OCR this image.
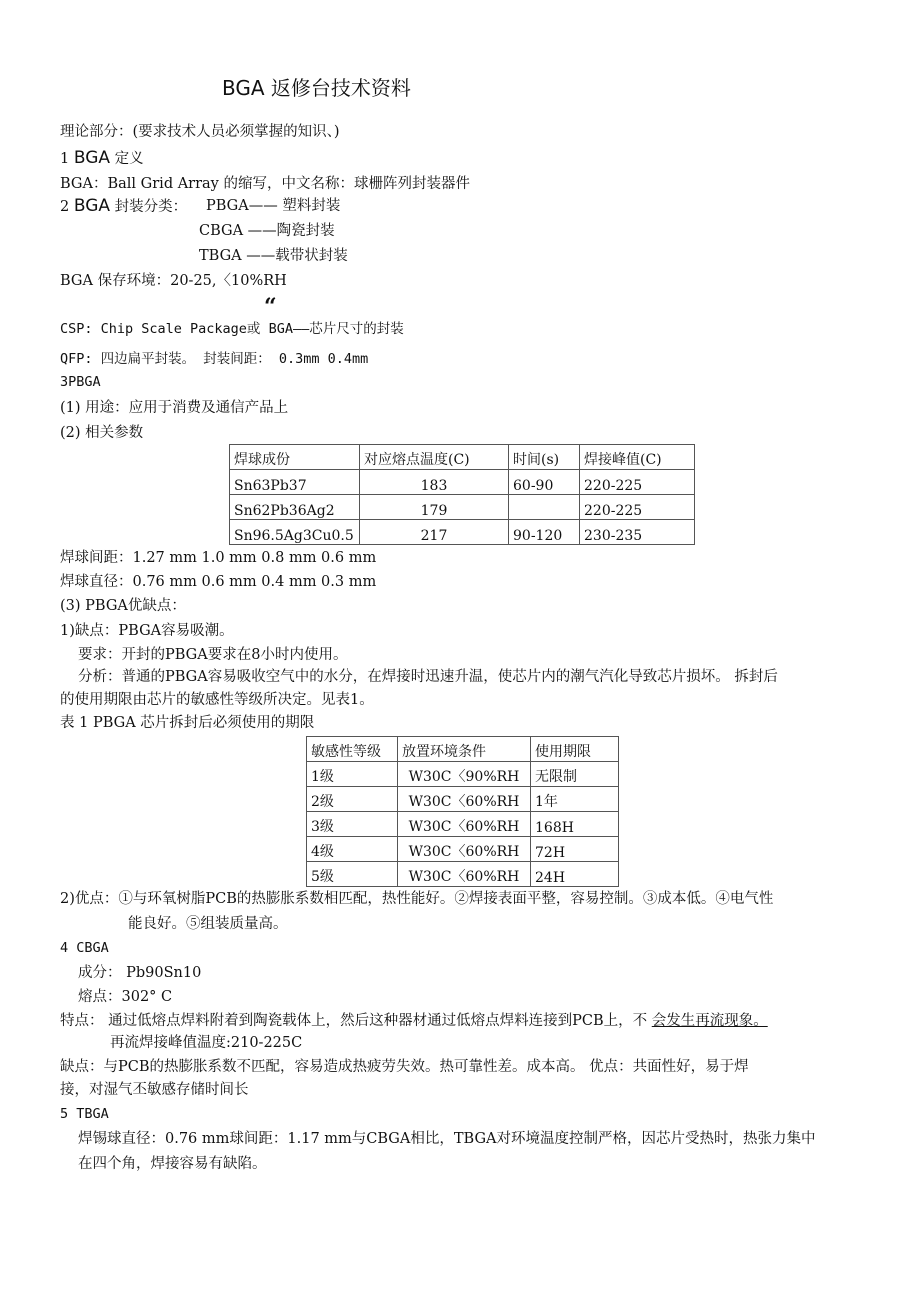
BGA 返修台技术资料
理论部分：(要求技术人员必须掌握的知识、)
1 BGA 定义
BGA：Ball Grid Array 的缩写，中文名称：球栅阵列封装器件
2 BGA 封装分类： PBGA—— 塑料封装
CBGA ——陶瓷封装
TBGA ——载带状封装
BGA 保存环境：20-25,〈10%RH
“
CSP: Chip Scale Package或 BGA——芯片尺寸的封装
QFP: 四边扁平封装。 封装间距： 0.3mm 0.4mm
3PBGA
(1) 用途：应用于消费及通信产品上
(2) 相关参数
焊球成份	对应熔点温度(C)	时间(s)	焊接峰值(C)
Sn63Pb37	183	60-90	220-225
Sn62Pb36Ag2	179		220-225
Sn96.5Ag3Cu0.5	217	90-120	230-235
焊球间距：1.27 mm 1.0 mm 0.8 mm 0.6 mm
焊球直径：0.76 mm 0.6 mm 0.4 mm 0.3 mm
(3) PBGA优缺点：
1)缺点：PBGA容易吸潮。
要求：开封的PBGA要求在8小时内使用。
分析：普通的PBGA容易吸收空气中的水分，在焊接时迅速升温，使芯片内的潮气汽化导致芯片损坏。 拆封后
的使用期限由芯片的敏感性等级所决定。见表1。
表 1 PBGA 芯片拆封后必须使用的期限
敏感性等级	放置环境条件	使用期限
1级	W30C〈90%RH	无限制
2级	W30C〈60%RH	1年
3级	W30C〈60%RH	168H
4级	W30C〈60%RH	72H
5级	W30C〈60%RH	24H
2)优点：①与环氧树脂PCB的热膨胀系数相匹配，热性能好。②焊接表面平整，容易控制。③成本低。④电气性
能良好。⑤组装质量高。
4 CBGA
成分： Pb90Sn10
熔点：302° C
特点： 通过低熔点焊料附着到陶瓷载体上，然后这种器材通过低熔点焊料连接到PCB上，不 会发生再流现象。
再流焊接峰值温度:210-225C
缺点：与PCB的热膨胀系数不匹配，容易造成热疲劳失效。热可靠性差。成本高。 优点：共面性好，易于焊
接，对湿气丕敏感存储时间长
5 TBGA
焊锡球直径：0.76 mm球间距：1.17 mm与CBGA相比，TBGA对环境温度控制严格，因芯片受热时，热张力集中
在四个角，焊接容易有缺陷。
